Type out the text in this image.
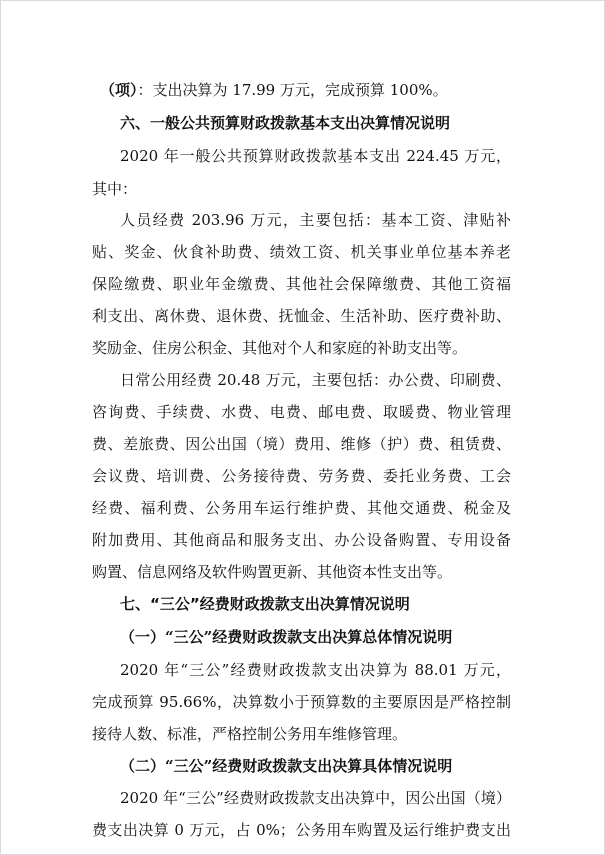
（项）：支出决算为 17.99 万元，完成预算 100%。
六、一般公共预算财政拨款基本支出决算情况说明
2020 年一般公共预算财政拨款基本支出 224.45 万元，
其中：
人员经费 203.96 万元，主要包括：基本工资、津贴补
贴、奖金、伙食补助费、绩效工资、机关事业单位基本养老
保险缴费、职业年金缴费、其他社会保障缴费、其他工资福
利支出、离休费、退休费、抚恤金、生活补助、医疗费补助、
奖励金、住房公积金、其他对个人和家庭的补助支出等。
日常公用经费 20.48 万元，主要包括：办公费、印刷费、
咨询费、手续费、水费、电费、邮电费、取暖费、物业管理
费、差旅费、因公出国（境）费用、维修（护）费、租赁费、
会议费、培训费、公务接待费、劳务费、委托业务费、工会
经费、福利费、公务用车运行维护费、其他交通费、税金及
附加费用、其他商品和服务支出、办公设备购置、专用设备
购置、信息网络及软件购置更新、其他资本性支出等。
七、“三公”经费财政拨款支出决算情况说明
（一）“三公”经费财政拨款支出决算总体情况说明
2020 年“三公”经费财政拨款支出决算为 88.01 万元，
完成预算 95.66%，决算数小于预算数的主要原因是严格控制
接待人数、标准，严格控制公务用车维修管理。
（二）“三公”经费财政拨款支出决算具体情况说明
2020 年“三公”经费财政拨款支出决算中，因公出国（境）
费支出决算 0 万元，占 0%；公务用车购置及运行维护费支出
